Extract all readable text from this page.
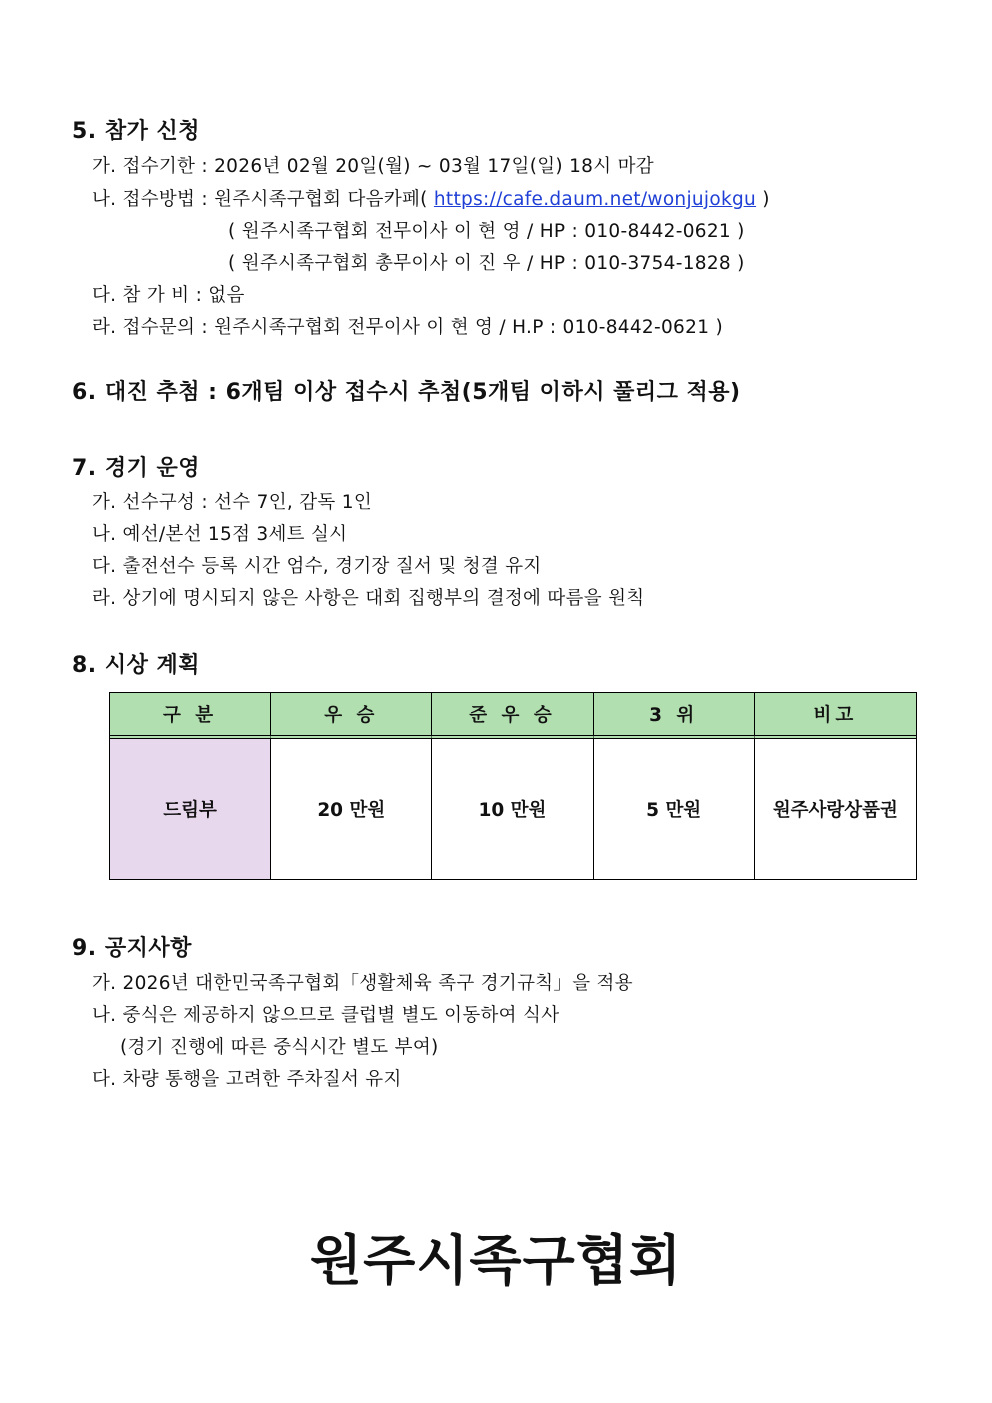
5. 참가 신청
가. 접수기한 : 2026년 02월 20일(월) ~ 03월 17일(일) 18시 마감
나. 접수방법 : 원주시족구협회 다음카페( https://cafe.daum.net/wonjujokgu )
( 원주시족구협회 전무이사 이 현 영 / HP : 010-8442-0621 )
( 원주시족구협회 총무이사 이 진 우 / HP : 010-3754-1828 )
다. 참 가 비 : 없음
라. 접수문의 : 원주시족구협회 전무이사 이 현 영 / H.P : 010-8442-0621 )
6. 대진 추첨 : 6개팀 이상 접수시 추첨(5개팀 이하시 풀리그 적용)
7. 경기 운영
가. 선수구성 : 선수 7인, 감독 1인
나. 예선/본선 15점 3세트 실시
다. 출전선수 등록 시간 엄수, 경기장 질서 및 청결 유지
라. 상기에 명시되지 않은 사항은 대회 집행부의 결정에 따름을 원칙
8. 시상 계획
구 분	우 승	준 우 승	3 위	비고
드림부	20 만원	10 만원	5 만원	원주사랑상품권
9. 공지사항
가. 2026년 대한민국족구협회「생활체육 족구 경기규칙」을 적용
나. 중식은 제공하지 않으므로 클럽별 별도 이동하여 식사
(경기 진행에 따른 중식시간 별도 부여)
다. 차량 통행을 고려한 주차질서 유지
원주시족구협회
